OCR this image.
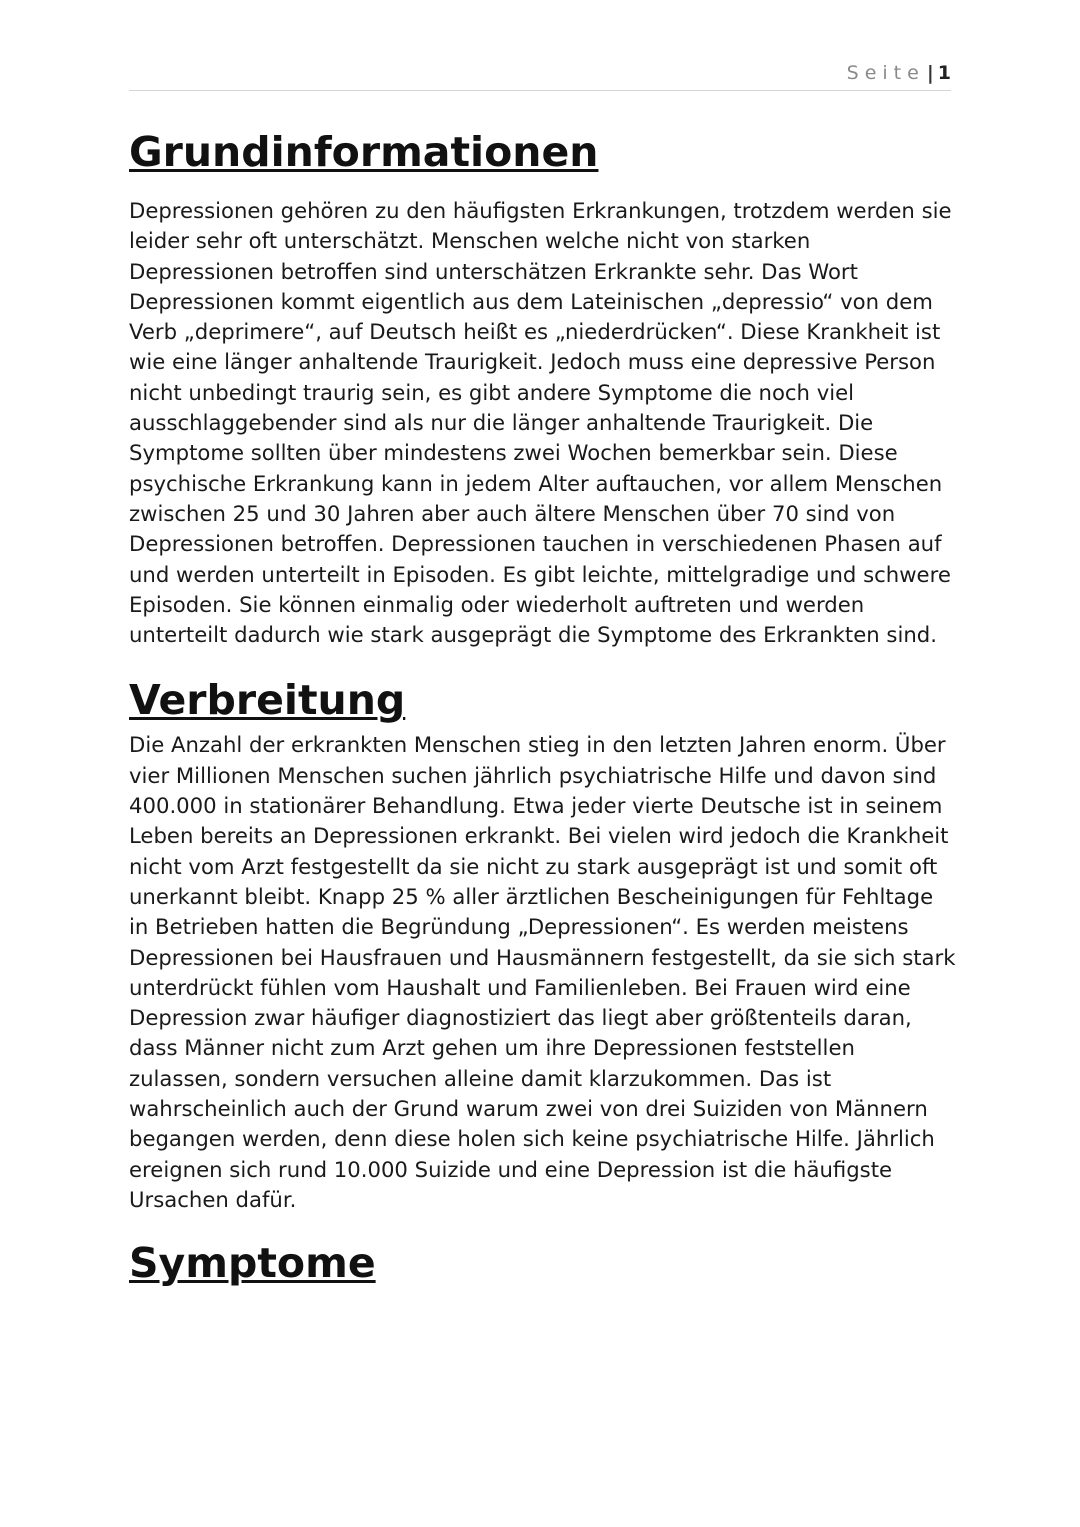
Seite | 1
Grundinformationen

Depressionen gehören zu den häufigsten Erkrankungen, trotzdem werden sie leider sehr oft unterschätzt. Menschen welche nicht von starken Depressionen betroffen sind unterschätzen Erkrankte sehr. Das Wort Depressionen kommt eigentlich aus dem Lateinischen „depressio“ von dem Verb „deprimere“, auf Deutsch heißt es „niederdrücken“. Diese Krankheit ist wie eine länger anhaltende Traurigkeit. Jedoch muss eine depressive Person nicht unbedingt traurig sein, es gibt andere Symptome die noch viel ausschlaggebender sind als nur die länger anhaltende Traurigkeit. Die Symptome sollten über mindestens zwei Wochen bemerkbar sein. Diese psychische Erkrankung kann in jedem Alter auftauchen, vor allem Menschen zwischen 25 und 30 Jahren aber auch ältere Menschen über 70 sind von Depressionen betroffen. Depressionen tauchen in verschiedenen Phasen auf und werden unterteilt in Episoden. Es gibt leichte, mittelgradige und schwere Episoden. Sie können einmalig oder wiederholt auftreten und werden unterteilt dadurch wie stark ausgeprägt die Symptome des Erkrankten sind.

Verbreitung

Die Anzahl der erkrankten Menschen stieg in den letzten Jahren enorm. Über vier Millionen Menschen suchen jährlich psychiatrische Hilfe und davon sind 400.000 in stationärer Behandlung. Etwa jeder vierte Deutsche ist in seinem Leben bereits an Depressionen erkrankt. Bei vielen wird jedoch die Krankheit nicht vom Arzt festgestellt da sie nicht zu stark ausgeprägt ist und somit oft unerkannt bleibt. Knapp 25 % aller ärztlichen Bescheinigungen für Fehltage in Betrieben hatten die Begründung „Depressionen“. Es werden meistens Depressionen bei Hausfrauen und Hausmännern festgestellt, da sie sich stark unterdrückt fühlen vom Haushalt und Familienleben. Bei Frauen wird eine Depression zwar häufiger diagnostiziert das liegt aber größtenteils daran, dass Männer nicht zum Arzt gehen um ihre Depressionen feststellen zulassen, sondern versuchen alleine damit klarzukommen. Das ist wahrscheinlich auch der Grund warum zwei von drei Suiziden von Männern begangen werden, denn diese holen sich keine psychiatrische Hilfe. Jährlich ereignen sich rund 10.000 Suizide und eine Depression ist die häufigste Ursachen dafür.

Symptome
